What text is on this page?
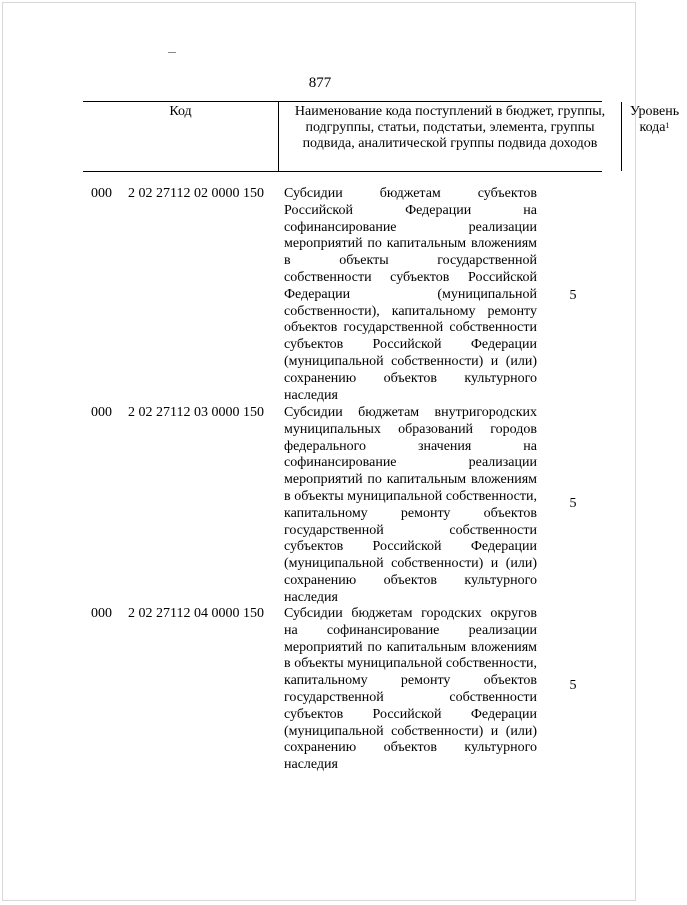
877
Код	Наименование кода поступлений в бюджет, группы, подгруппы, статьи, подстатьи, элемента, группы подвида, аналитической группы подвида доходов
Уровень кода$^1$
000 2 02 27112 02 0000 150 Субсидии бюджетам субъектов Российской Федерации на софинансирование реализации мероприятий по капитальным вложениям в объекты государственной собственности субъектов Российской Федерации (муниципальной собственности), капитальному ремонту объектов государственной собственности субъектов Российской Федерации (муниципальной собственности) и (или) сохранению объектов культурного наследия
5
000 2 02 27112 03 0000 150 Субсидии бюджетам внутригородских муниципальных образований городов федерального значения на софинансирование реализации мероприятий по капитальным вложениям в объекты муниципальной собственности, капитальному ремонту объектов государственной собственности субъектов Российской Федерации (муниципальной собственности) и (или) сохранению объектов культурного наследия
5
000 2 02 27112 04 0000 150 Субсидии бюджетам городских округов на софинансирование реализации мероприятий по капитальным вложениям в объекты муниципальной собственности, капитальному ремонту объектов государственной собственности субъектов Российской Федерации (муниципальной собственности) и (или) сохранению объектов культурного наследия
5
